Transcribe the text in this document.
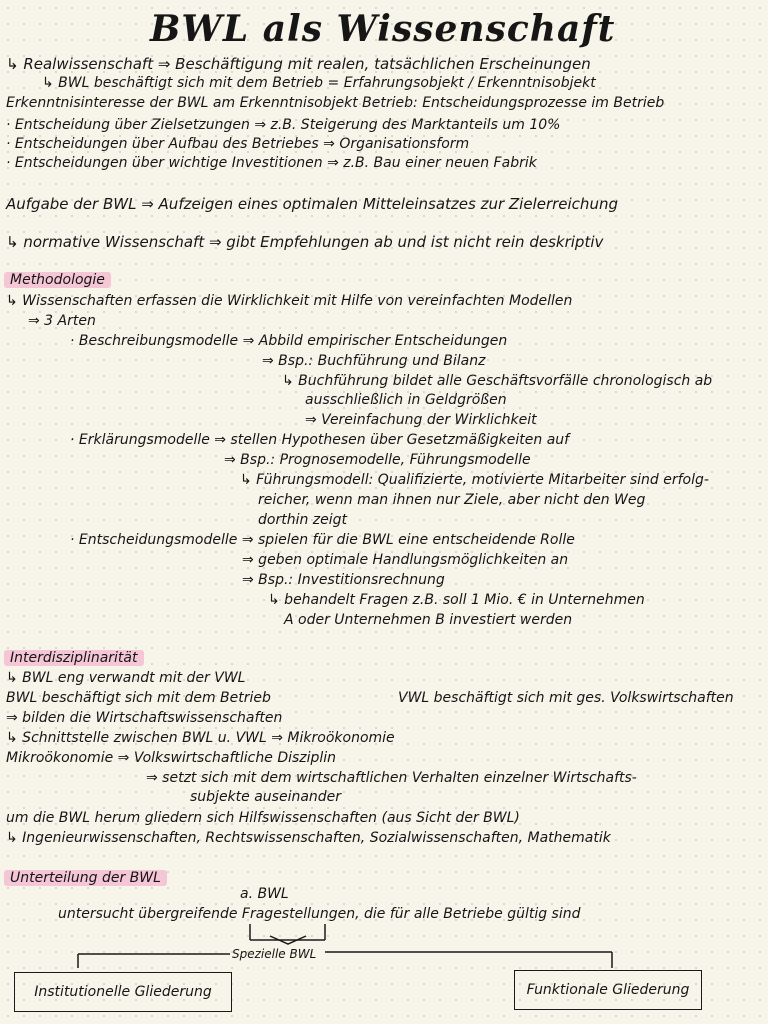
BWL als Wissenschaft
↳ Realwissenschaft ⇒ Beschäftigung mit realen, tatsächlichen Erscheinungen
↳ BWL beschäftigt sich mit dem Betrieb = Erfahrungsobjekt / Erkenntnisobjekt
Erkenntnisinteresse der BWL am Erkenntnisobjekt Betrieb: Entscheidungsprozesse im Betrieb
· Entscheidung über Zielsetzungen ⇒ z.B. Steigerung des Marktanteils um 10%
· Entscheidungen über Aufbau des Betriebes ⇒ Organisationsform
· Entscheidungen über wichtige Investitionen ⇒ z.B. Bau einer neuen Fabrik
Aufgabe der BWL ⇒ Aufzeigen eines optimalen Mitteleinsatzes zur Zielerreichung
↳ normative Wissenschaft ⇒ gibt Empfehlungen ab und ist nicht rein deskriptiv
Methodologie
↳ Wissenschaften erfassen die Wirklichkeit mit Hilfe von vereinfachten Modellen
⇒ 3 Arten
· Beschreibungsmodelle ⇒ Abbild empirischer Entscheidungen
⇒ Bsp.: Buchführung und Bilanz
↳ Buchführung bildet alle Geschäftsvorfälle chronologisch ab
ausschließlich in Geldgrößen
⇒ Vereinfachung der Wirklichkeit
· Erklärungsmodelle ⇒ stellen Hypothesen über Gesetzmäßigkeiten auf
⇒ Bsp.: Prognosemodelle, Führungsmodelle
↳ Führungsmodell: Qualifizierte, motivierte Mitarbeiter sind erfolg-
reicher, wenn man ihnen nur Ziele, aber nicht den Weg
dorthin zeigt
· Entscheidungsmodelle ⇒ spielen für die BWL eine entscheidende Rolle
⇒ geben optimale Handlungsmöglichkeiten an
⇒ Bsp.: Investitionsrechnung
↳ behandelt Fragen z.B. soll 1 Mio. € in Unternehmen
A oder Unternehmen B investiert werden
Interdisziplinarität
↳ BWL eng verwandt mit der VWL
BWL beschäftigt sich mit dem Betrieb	VWL beschäftigt sich mit ges. Volkswirtschaften
⇒ bilden die Wirtschaftswissenschaften
↳ Schnittstelle zwischen BWL u. VWL ⇒ Mikroökonomie
Mikroökonomie ⇒ Volkswirtschaftliche Disziplin
⇒ setzt sich mit dem wirtschaftlichen Verhalten einzelner Wirtschafts-
subjekte auseinander
um die BWL herum gliedern sich Hilfswissenschaften (aus Sicht der BWL)
↳ Ingenieurwissenschaften, Rechtswissenschaften, Sozialwissenschaften, Mathematik
Unterteilung der BWL
a. BWL
untersucht übergreifende Fragestellungen, die für alle Betriebe gültig sind
Spezielle BWL
Institutionelle Gliederung	Funktionale Gliederung
